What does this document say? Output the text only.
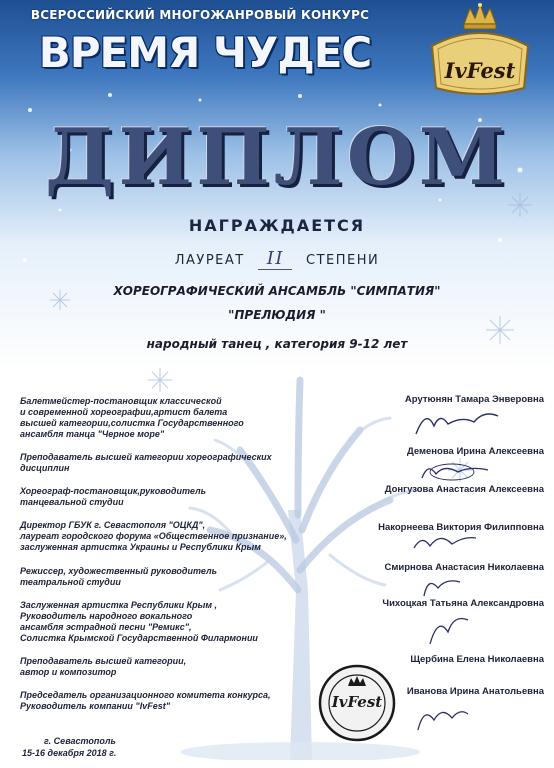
ВСЕРОССИЙСКИЙ МНОГОЖАНРОВЫЙ КОНКУРС
ВРЕМЯ ЧУДЕС	IvFest
ДИПЛОМ
НАГРАЖДАЕТСЯ
ЛАУРЕАТ II СТЕПЕНИ
ХОРЕОГРАФИЧЕСКИЙ АНСАМБЛЬ "СИМПАТИЯ"
"ПРЕЛЮДИЯ "
народный танец , категория 9-12 лет
Балетмейстер-постановщик классической
и современной хореографии,артист балета
высшей категории,солистка Государственного
ансамбля танца "Черное море"
Преподаватель высшей категории хореографических
дисциплин
Хореограф-постановщик,руководитель
танцевальной студии
Директор ГБУК г. Севастополя "ОЦКД",
лауреат городского форума «Общественное признание»,
заслуженная артистка Украины и Республики Крым
Режиссер, художественный руководитель
театральной студии
Заслуженная артистка Республики Крым ,
Руководитель народного вокального
ансамбля эстрадной песни "Ремикс",
Солистка Крымской Государственной Филармонии
Преподаватель высшей категории,
автор и композитор
Председатель организационного комитета конкурса,
Руководитель компании "IvFest"
Арутюнян Тамара Энверовна
Деменова Ирина Алексеевна
Донгузова Анастасия Алексеевна
Накорнеева Виктория Филипповна
Смирнова Анастасия Николаевна
Чихоцкая Татьяна Александровна
Щербина Елена Николаевна
Иванова Ирина Анатольевна
IvFest
г. Севастополь
15-16 декабря 2018 г.
